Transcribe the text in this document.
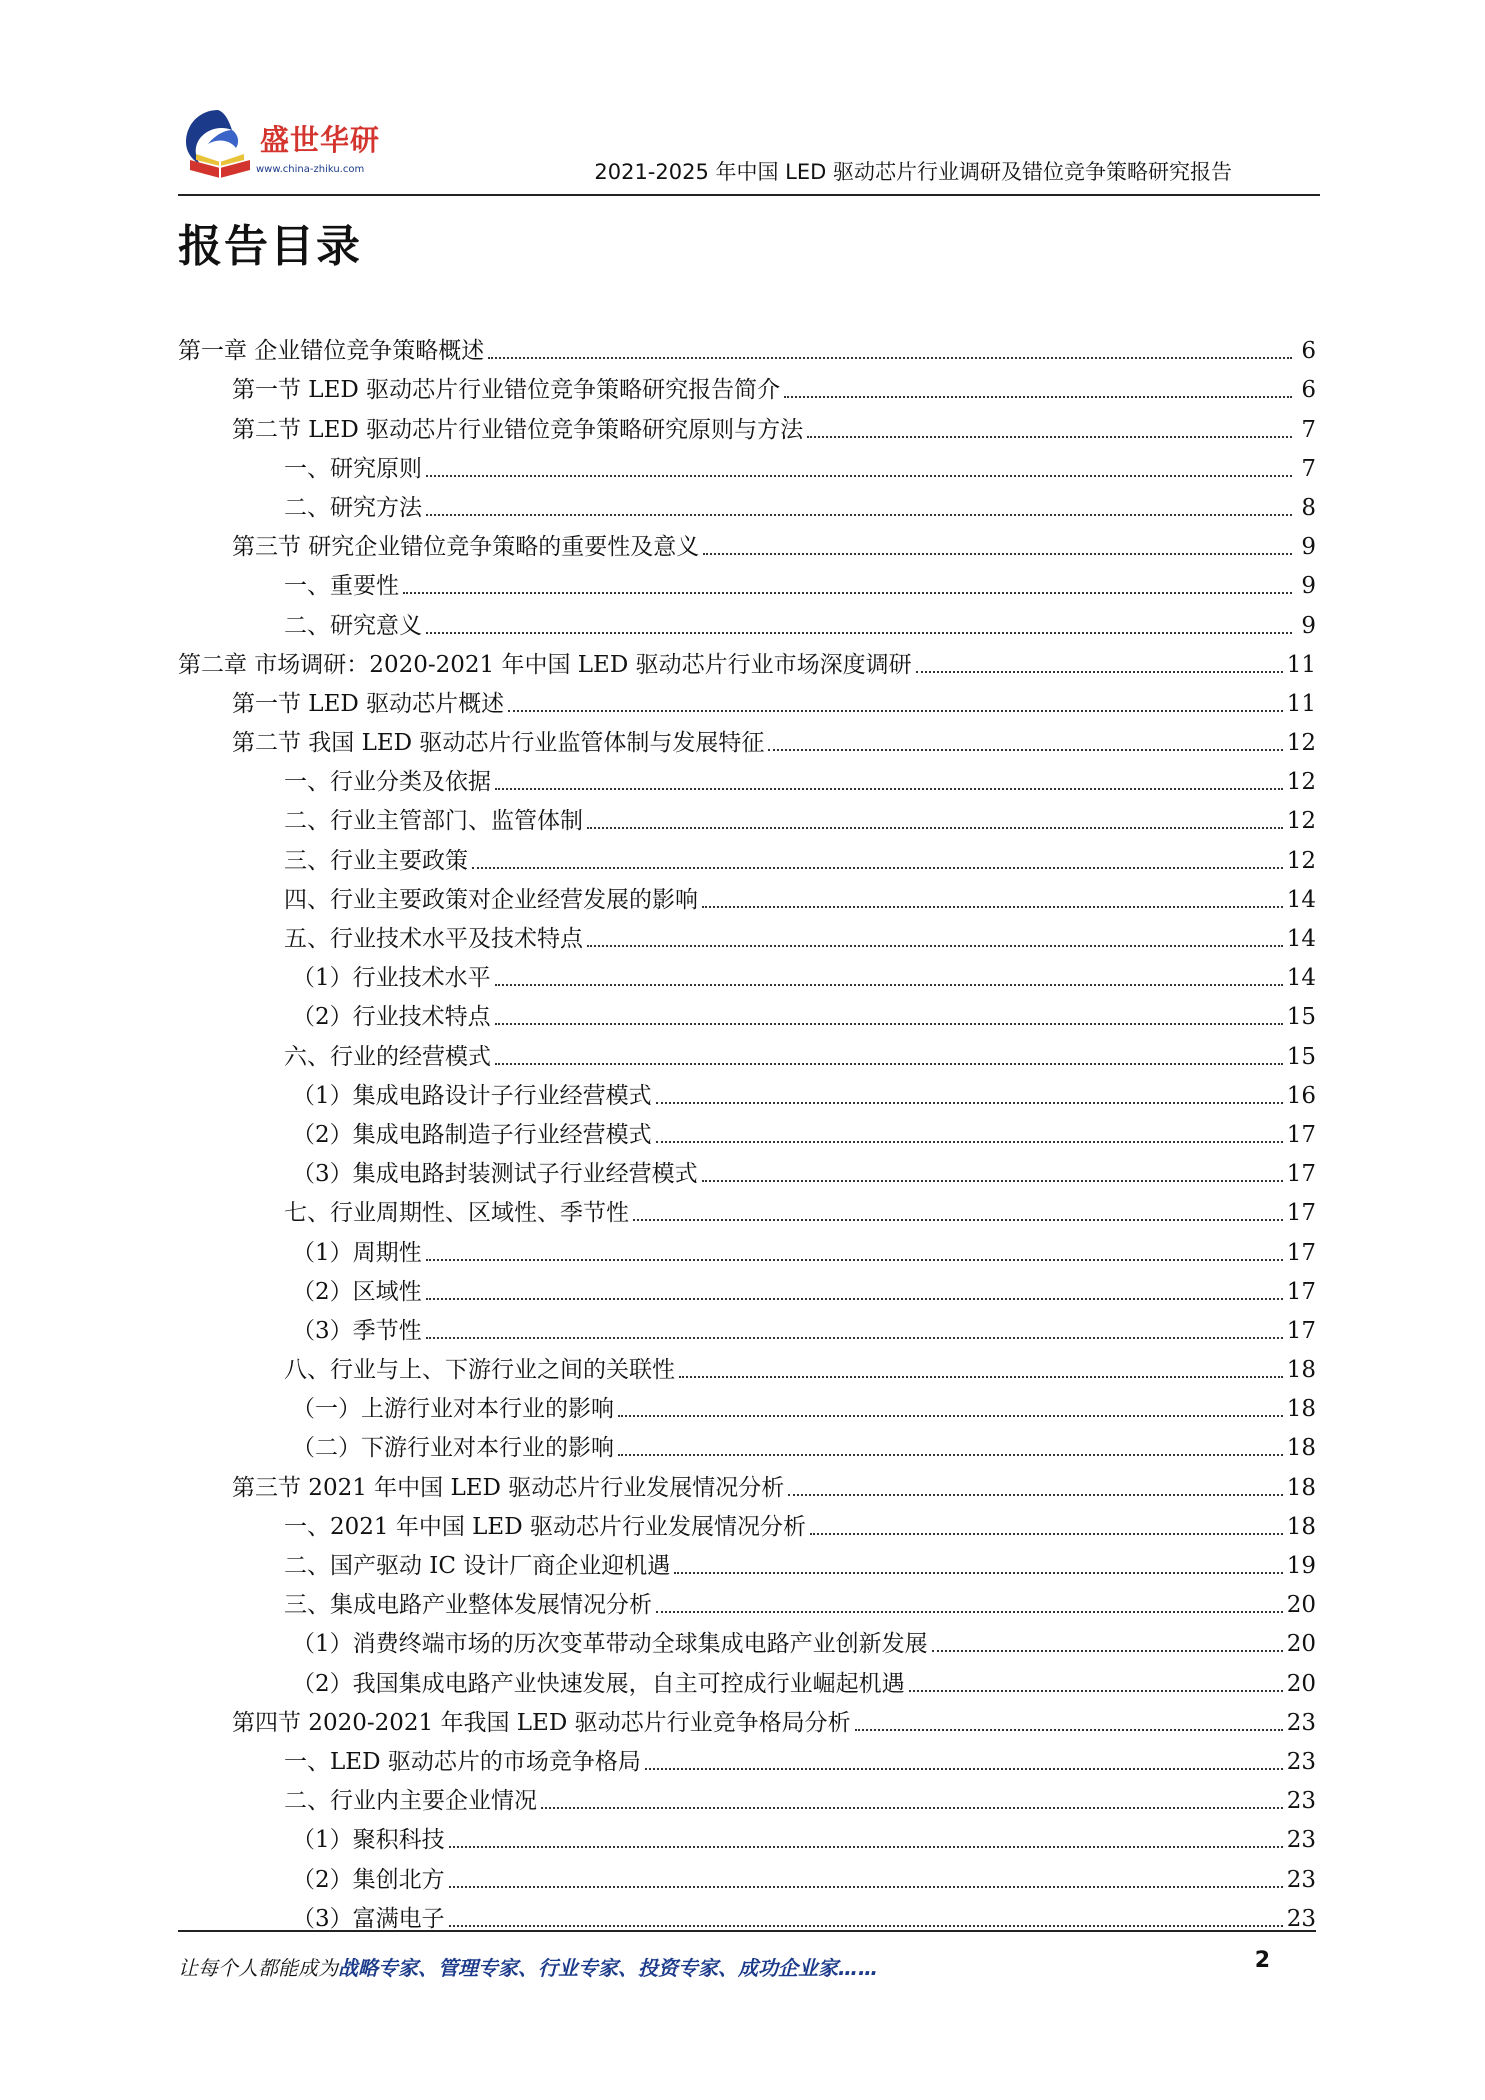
盛世华研
www.china-zhiku.com	2021-2025 年中国 LED 驱动芯片行业调研及错位竞争策略研究报告
报告目录
第一章 企业错位竞争策略概述	6
第一节 LED 驱动芯片行业错位竞争策略研究报告简介	6
第二节 LED 驱动芯片行业错位竞争策略研究原则与方法	7
一、研究原则	7
二、研究方法	8
第三节 研究企业错位竞争策略的重要性及意义	9
一、重要性	9
二、研究意义	9
第二章 市场调研：2020-2021 年中国 LED 驱动芯片行业市场深度调研	11
第一节 LED 驱动芯片概述	11
第二节 我国 LED 驱动芯片行业监管体制与发展特征	12
一、行业分类及依据	12
二、行业主管部门、监管体制	12
三、行业主要政策	12
四、行业主要政策对企业经营发展的影响	14
五、行业技术水平及技术特点	14
（1）行业技术水平	14
（2）行业技术特点	15
六、行业的经营模式	15
（1）集成电路设计子行业经营模式	16
（2）集成电路制造子行业经营模式	17
（3）集成电路封装测试子行业经营模式	17
七、行业周期性、区域性、季节性	17
（1）周期性	17
（2）区域性	17
（3）季节性	17
八、行业与上、下游行业之间的关联性	18
（一）上游行业对本行业的影响	18
（二）下游行业对本行业的影响	18
第三节 2021 年中国 LED 驱动芯片行业发展情况分析	18
一、2021 年中国 LED 驱动芯片行业发展情况分析	18
二、国产驱动 IC 设计厂商企业迎机遇	19
三、集成电路产业整体发展情况分析	20
（1）消费终端市场的历次变革带动全球集成电路产业创新发展	20
（2）我国集成电路产业快速发展，自主可控成行业崛起机遇	20
第四节 2020-2021 年我国 LED 驱动芯片行业竞争格局分析	23
一、LED 驱动芯片的市场竞争格局	23
二、行业内主要企业情况	23
（1）聚积科技	23
（2）集创北方	23
（3）富满电子	23
让每个人都能成为战略专家、管理专家、行业专家、投资专家、成功企业家……	2
